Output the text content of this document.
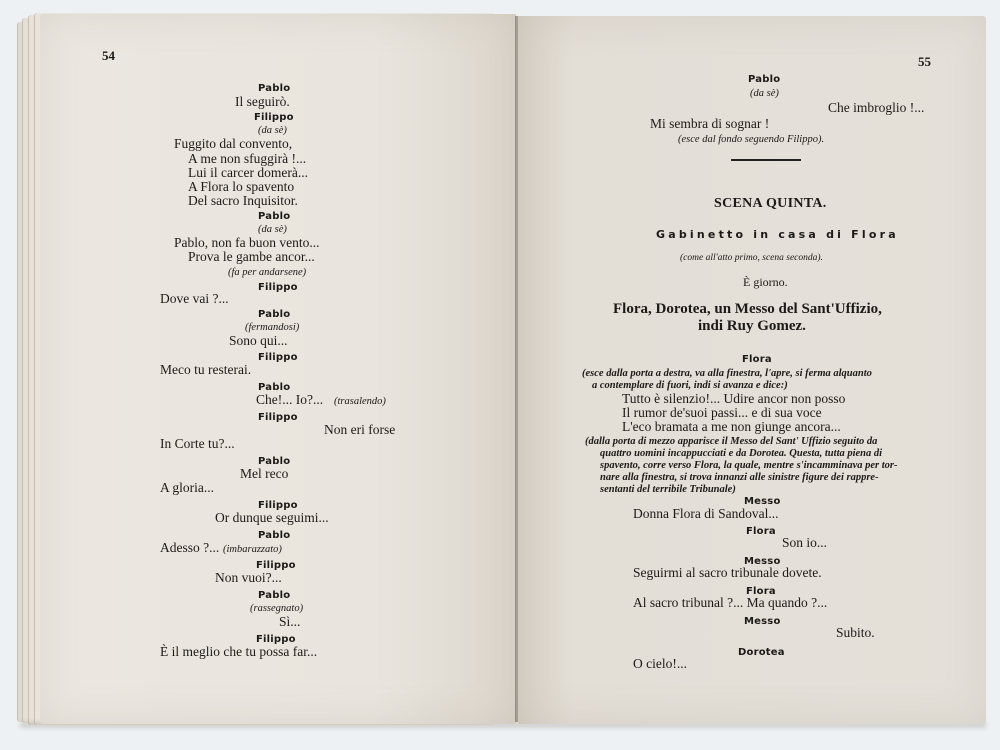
54
Pablo
Il seguirò.
Filippo
(da sè)
Fuggito dal convento,
A me non sfuggirà !...
Lui il carcer domerà...
A Flora lo spavento
Del sacro Inquisitor.
Pablo
(da sè)
Pablo, non fa buon vento...
Prova le gambe ancor...
(fa per andarsene)
Filippo
Dove vai ?...
Pablo
(fermandosi)
Sono qui...
Filippo
Meco tu resterai.
Pablo
Che!... Io?... (trasalendo)
Filippo
Non eri forse
In Corte tu?...
Pablo
Mel reco
A gloria...
Filippo
Or dunque seguimi...
Pablo
Adesso ?... (imbarazzato)
Filippo
Non vuoi?...
Pablo
(rassegnato)
Sì...
Filippo
È il meglio che tu possa far...
55
Pablo
(da sè)
Che imbroglio !...
Mi sembra di sognar !
(esce dal fondo seguendo Filippo).
SCENA QUINTA.
Gabinetto in casa di Flora
(come all'atto primo, scena seconda).
È giorno.
Flora, Dorotea, un Messo del Sant'Uffizio,
indi Ruy Gomez.
Flora
(esce dalla porta a destra, va alla finestra, l'apre, si ferma alquanto
a contemplare di fuori, indi si avanza e dice:)
Tutto è silenzio!... Udire ancor non posso
Il rumor de'suoi passi... e di sua voce
L'eco bramata a me non giunge ancora...
(dalla porta di mezzo apparisce il Messo del Sant' Uffizio seguito da
quattro uomini incappucciati e da Dorotea. Questa, tutta piena di
spavento, corre verso Flora, la quale, mentre s'incamminava per tor-
nare alla finestra, si trova innanzi alle sinistre figure dei rappre-
sentanti del terribile Tribunale)
Messo
Donna Flora di Sandoval...
Flora
Son io...
Messo
Seguirmi al sacro tribunale dovete.
Flora
Al sacro tribunal ?... Ma quando ?...
Messo
Subito.
Dorotea
O cielo!...
